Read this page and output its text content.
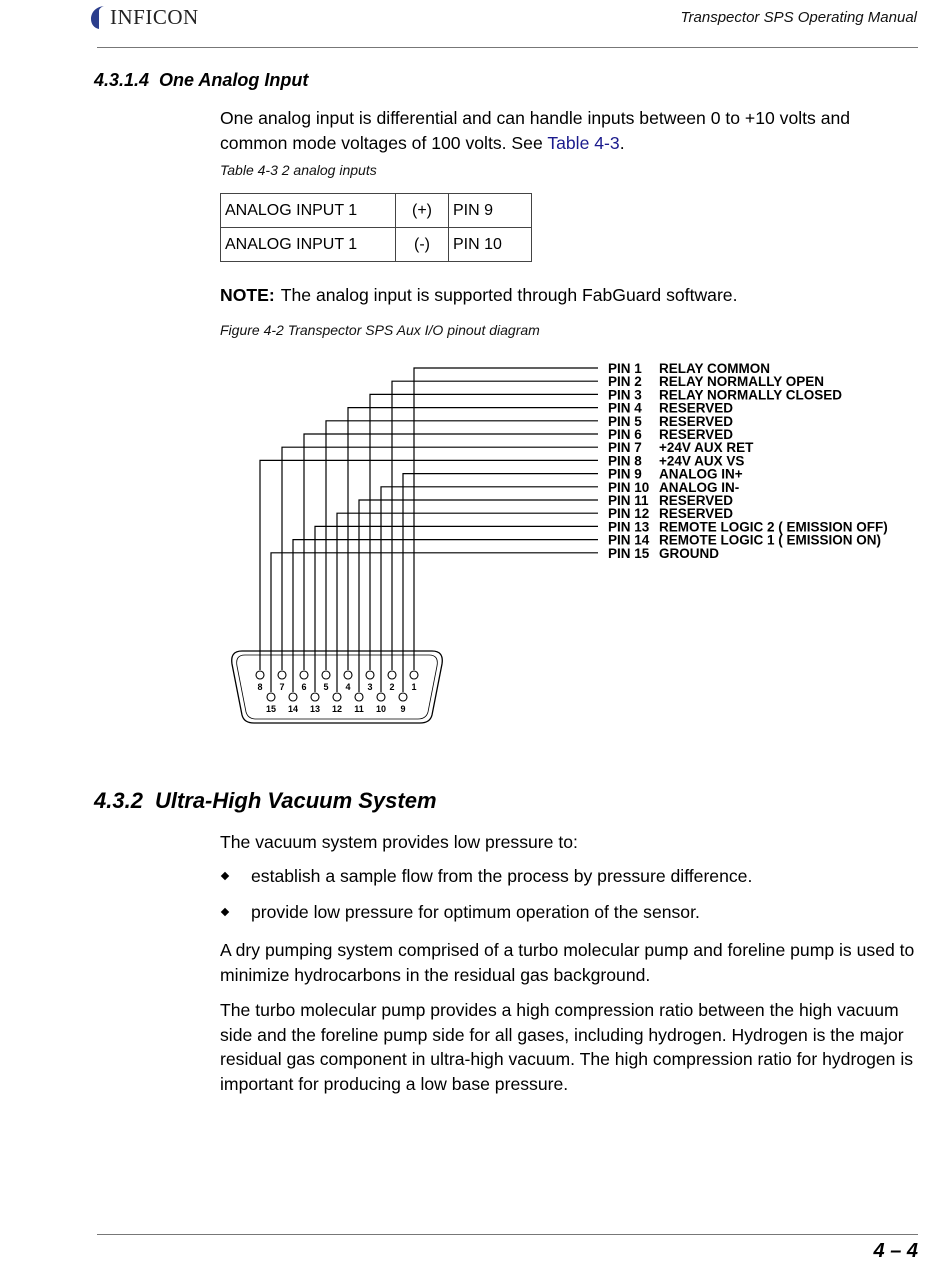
INFICON	Transpector SPS Operating Manual
4.3.1.4 One Analog Input
One analog input is differential and can handle inputs between 0 to +10 volts and common mode voltages of 100 volts. See Table 4-3.
Table 4-3 2 analog inputs
ANALOG INPUT 1	(+)	PIN 9
ANALOG INPUT 1	(-)	PIN 10
NOTE: The analog input is supported through FabGuard software.
Figure 4-2 Transpector SPS Aux I/O pinout diagram
PIN 1 RELAY COMMON
PIN 2 RELAY NORMALLY OPEN
PIN 3 RELAY NORMALLY CLOSED
PIN 4 RESERVED
PIN 5 RESERVED
PIN 6 RESERVED
PIN 7 +24V AUX RET
PIN 8 +24V AUX VS
PIN 9 ANALOG IN+
PIN 10 ANALOG IN-
PIN 11 RESERVED
PIN 12 RESERVED
PIN 13 REMOTE LOGIC 2 ( EMISSION OFF)
PIN 14 REMOTE LOGIC 1 ( EMISSION ON)
PIN 15 GROUND
8 7 6 5 4 3 2 1
15 14 13 12 11 10 9
4.3.2 Ultra-High Vacuum System
The vacuum system provides low pressure to:
establish a sample flow from the process by pressure difference.
provide low pressure for optimum operation of the sensor.
A dry pumping system comprised of a turbo molecular pump and foreline pump is used to minimize hydrocarbons in the residual gas background.
The turbo molecular pump provides a high compression ratio between the high vacuum side and the foreline pump side for all gases, including hydrogen. Hydrogen is the major residual gas component in ultra-high vacuum. The high compression ratio for hydrogen is important for producing a low base pressure.
4 – 4
